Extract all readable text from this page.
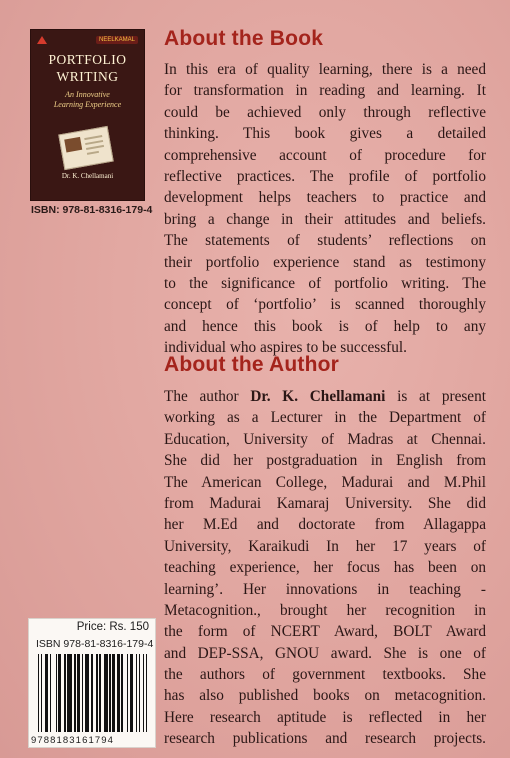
NEELKAMAL
PORTFOLIO
WRITING
An Innovative
Learning Experience
Dr. K. Chellamani
ISBN: 978-81-8316-179-4
About the Book
In this era of quality learning, there is a need
for transformation in reading and learning. It
could be achieved only through reflective
thinking. This book gives a detailed
comprehensive account of procedure for
reflective practices. The profile of portfolio
development helps teachers to practice and
bring a change in their attitudes and beliefs.
The statements of students’ reflections on
their portfolio experience stand as testimony
to the significance of portfolio writing. The
concept of ‘portfolio’ is scanned thoroughly
and hence this book is of help to any
individual who aspires to be successful.
About the Author
The author Dr. K. Chellamani is at present
working as a Lecturer in the Department of
Education, University of Madras at Chennai.
She did her postgraduation in English from
The American College, Madurai and M.Phil
from Madurai Kamaraj University. She did
her M.Ed and doctorate from Allagappa
University, Karaikudi In her 17 years of
teaching experience, her focus has been on
learning’. Her innovations in teaching -
Metacognition., brought her recognition in
the form of NCERT Award, BOLT Award
and DEP-SSA, GNOU award. She is one of
the authors of government textbooks. She
has also published books on metacognition.
Here research aptitude is reflected in her
research publications and research projects.
Price: Rs. 150
ISBN 978-81-8316-179-4
9788183161794
